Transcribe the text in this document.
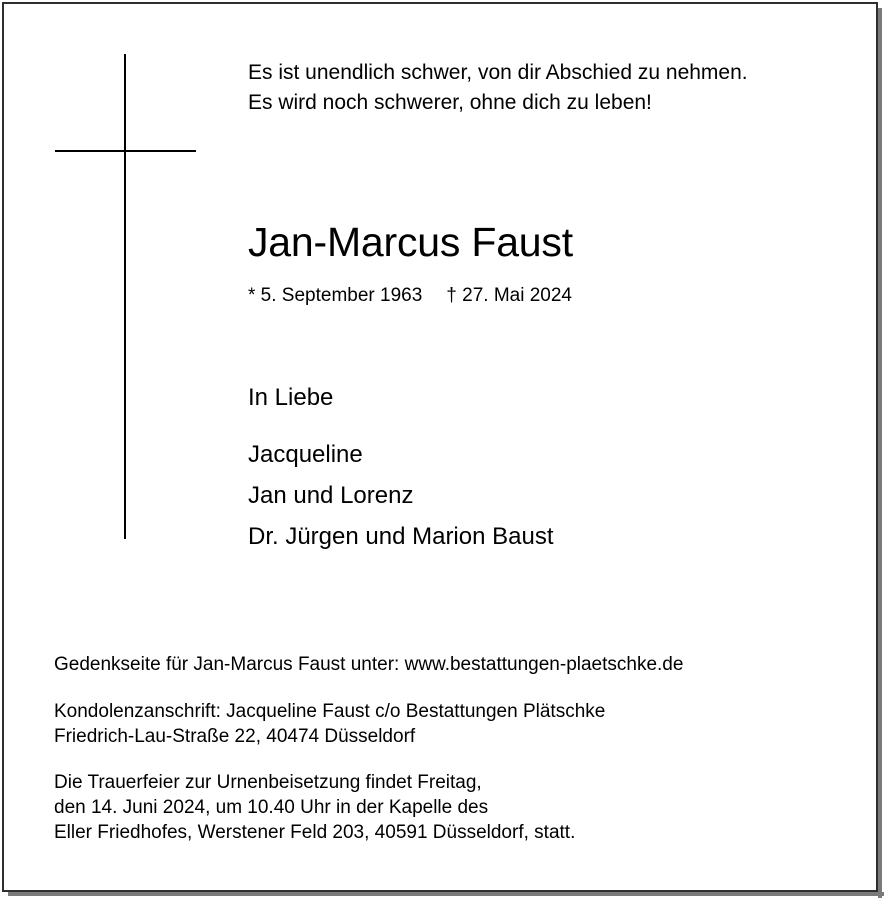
Es ist unendlich schwer, von dir Abschied zu nehmen.
Es wird noch schwerer, ohne dich zu leben!
Jan-Marcus Faust
* 5. September 1963 † 27. Mai 2024
In Liebe
Jacqueline
Jan und Lorenz
Dr. Jürgen und Marion Baust
Gedenkseite für Jan-Marcus Faust unter: www.bestattungen-plaetschke.de
Kondolenzanschrift: Jacqueline Faust c/o Bestattungen Plätschke
Friedrich-Lau-Straße 22, 40474 Düsseldorf
Die Trauerfeier zur Urnenbeisetzung findet Freitag,
den 14. Juni 2024, um 10.40 Uhr in der Kapelle des
Eller Friedhofes, Werstener Feld 203, 40591 Düsseldorf, statt.
